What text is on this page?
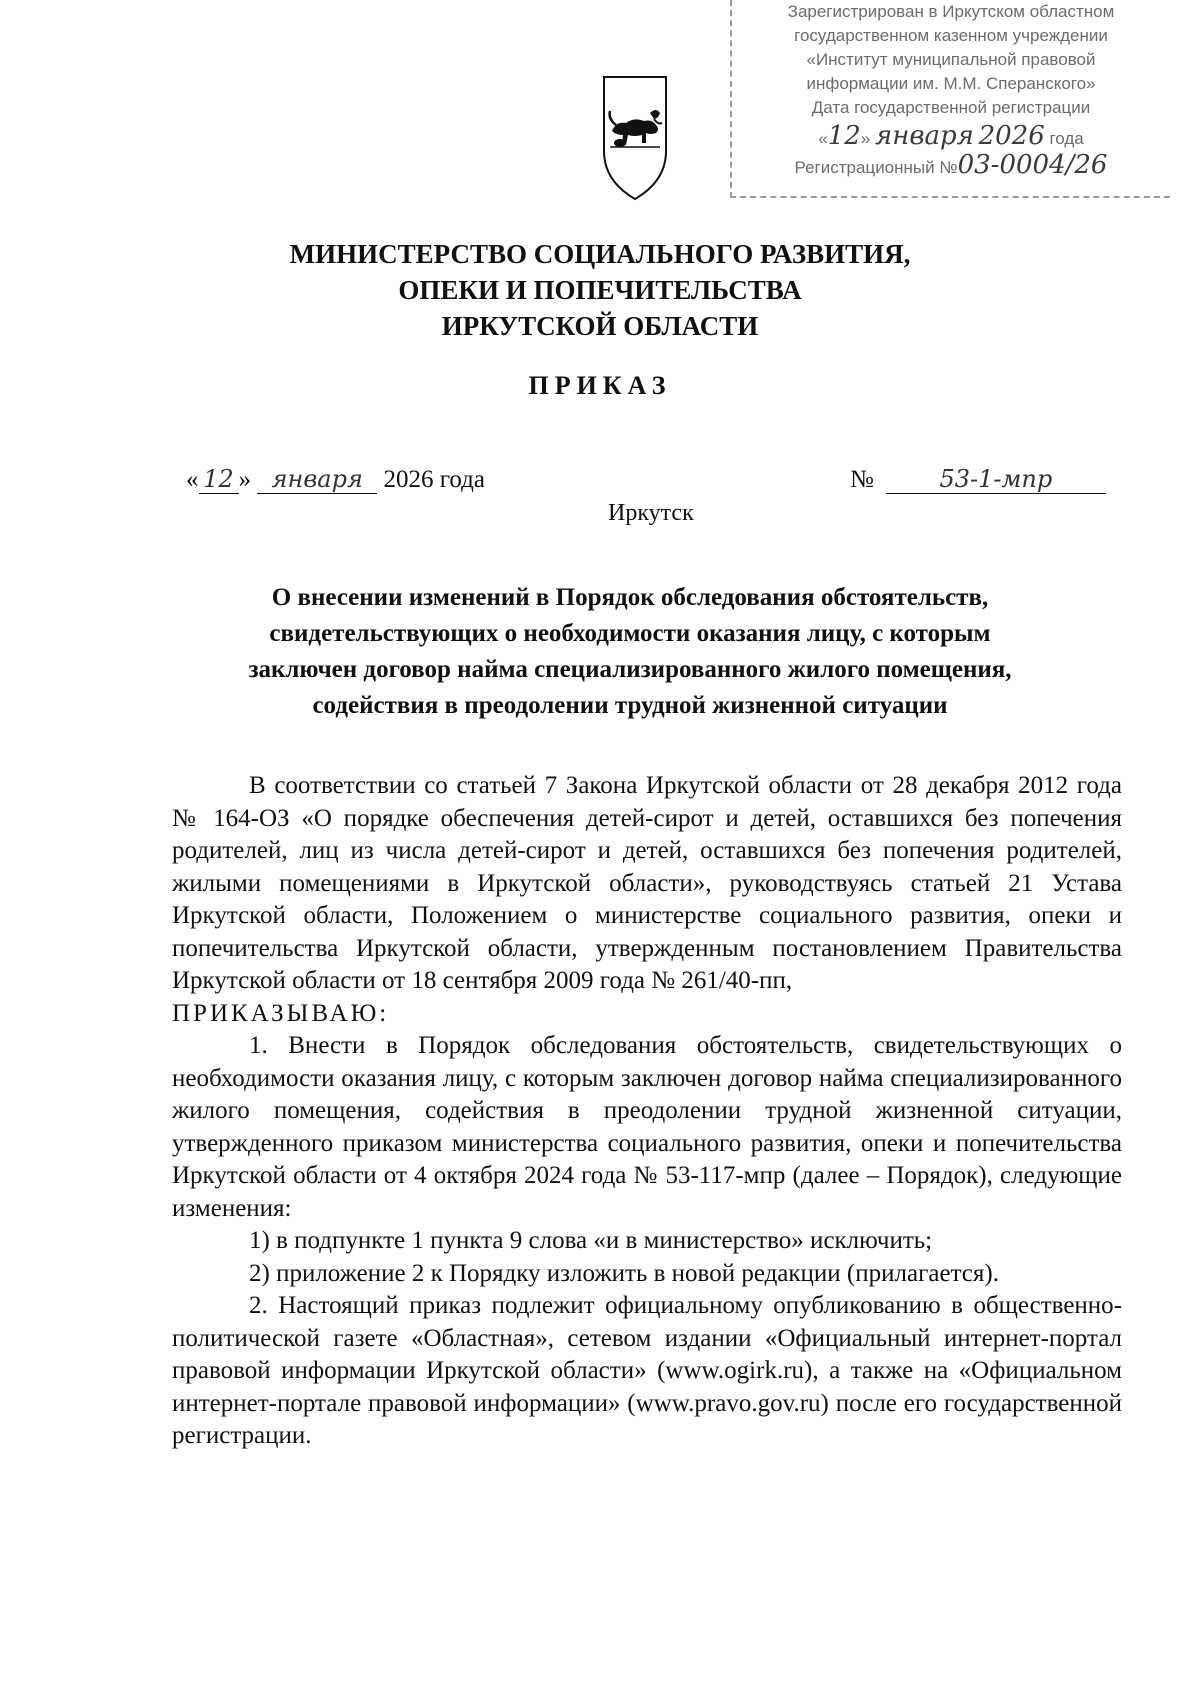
Зарегистрирован в Иркутском областном
государственном казенном учреждении
«Институт муниципальной правовой
информации им. М.М. Сперанского»
Дата государственной регистрации
«12» января 2026 года
Регистрационный №03-0004/26
МИНИСТЕРСТВО СОЦИАЛЬНОГО РАЗВИТИЯ,
ОПЕКИ И ПОПЕЧИТЕЛЬСТВА
ИРКУТСКОЙ ОБЛАСТИ
ПРИКАЗ
« 12 » января 2026 года	№	53-1-мпр
Иркутск
О внесении изменений в Порядок обследования обстоятельств,
свидетельствующих о необходимости оказания лицу, с которым
заключен договор найма специализированного жилого помещения,
содействия в преодолении трудной жизненной ситуации

В соответствии со статьей 7 Закона Иркутской области от 28 декабря 2012 года № 164-ОЗ «О порядке обеспечения детей-сирот и детей, оставшихся без попечения родителей, лиц из числа детей-сирот и детей, оставшихся без попечения родителей, жилыми помещениями в Иркутской области», руководствуясь статьей 21 Устава Иркутской области, Положением о министерстве социального развития, опеки и попечительства Иркутской области, утвержденным постановлением Правительства Иркутской области от 18 сентября 2009 года № 261/40-пп,

ПРИКАЗЫВАЮ:

1. Внести в Порядок обследования обстоятельств, свидетельствующих о необходимости оказания лицу, с которым заключен договор найма специализированного жилого помещения, содействия в преодолении трудной жизненной ситуации, утвержденного приказом министерства социального развития, опеки и попечительства Иркутской области от 4 октября 2024 года № 53-117-мпр (далее – Порядок), следующие изменения:

1) в подпункте 1 пункта 9 слова «и в министерство» исключить;

2) приложение 2 к Порядку изложить в новой редакции (прилагается).

2. Настоящий приказ подлежит официальному опубликованию в общественно-политической газете «Областная», сетевом издании «Официальный интернет-портал правовой информации Иркутской области» (www.ogirk.ru), а также на «Официальном интернет-портале правовой информации» (www.pravo.gov.ru) после его государственной регистрации.
